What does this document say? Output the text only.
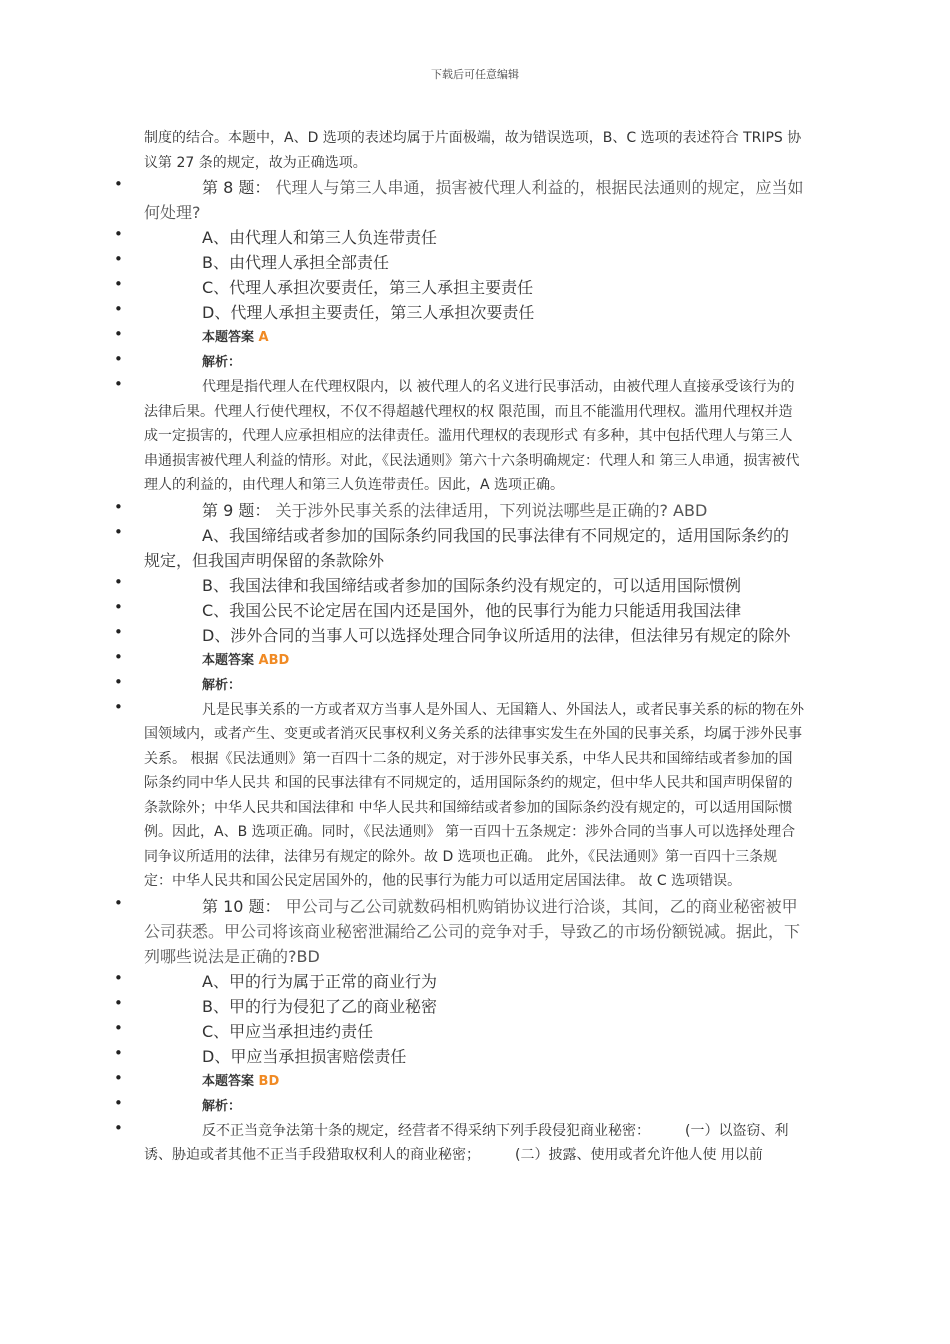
下载后可任意编辑
制度的结合。本题中，A、D 选项的表述均属于片面极端，故为错误选项，B、C 选项的表述符合 TRIPS 协议第 27 条的规定，故为正确选项。
• 第 8 题： 代理人与第三人串通，损害被代理人利益的，根据民法通则的规定，应当如何处理?
• A、由代理人和第三人负连带责任
• B、由代理人承担全部责任
• C、代理人承担次要责任，第三人承担主要责任
• D、代理人承担主要责任，第三人承担次要责任
• 本题答案 A
• 解析：
• 代理是指代理人在代理权限内，以 被代理人的名义进行民事活动，由被代理人直接承受该行为的法律后果。代理人行使代理权，不仅不得超越代理权的权 限范围，而且不能滥用代理权。滥用代理权并造成一定损害的，代理人应承担相应的法律责任。滥用代理权的表现形式 有多种，其中包括代理人与第三人串通损害被代理人利益的情形。对此，《民法通则》第六十六条明确规定：代理人和 第三人串通，损害被代理人的利益的，由代理人和第三人负连带责任。因此，A 选项正确。
• 第 9 题： 关于涉外民事关系的法律适用，下列说法哪些是正确的? ABD
• A、我国缔结或者参加的国际条约同我国的民事法律有不同规定的，适用国际条约的规定，但我国声明保留的条款除外
• B、我国法律和我国缔结或者参加的国际条约没有规定的，可以适用国际惯例
• C、我国公民不论定居在国内还是国外，他的民事行为能力只能适用我国法律
• D、涉外合同的当事人可以选择处理合同争议所适用的法律，但法律另有规定的除外
• 本题答案 ABD
• 解析：
• 凡是民事关系的一方或者双方当事人是外国人、无国籍人、外国法人，或者民事关系的标的物在外国领域内，或者产生、变更或者消灭民事权利义务关系的法律事实发生在外国的民事关系，均属于涉外民事关系。 根据《民法通则》第一百四十二条的规定，对于涉外民事关系，中华人民共和国缔结或者参加的国际条约同中华人民共 和国的民事法律有不同规定的，适用国际条约的规定，但中华人民共和国声明保留的条款除外；中华人民共和国法律和 中华人民共和国缔结或者参加的国际条约没有规定的，可以适用国际惯例。因此，A、B 选项正确。同时，《民法通则》 第一百四十五条规定：涉外合同的当事人可以选择处理合同争议所适用的法律，法律另有规定的除外。故 D 选项也正确。 此外，《民法通则》第一百四十三条规定：中华人民共和国公民定居国外的，他的民事行为能力可以适用定居国法律。 故 C 选项错误。
• 第 10 题： 甲公司与乙公司就数码相机购销协议进行洽谈，其间，乙的商业秘密被甲公司获悉。甲公司将该商业秘密泄漏给乙公司的竞争对手，导致乙的市场份额锐减。据此，下列哪些说法是正确的?BD
• A、甲的行为属于正常的商业行为
• B、甲的行为侵犯了乙的商业秘密
• C、甲应当承担违约责任
• D、甲应当承担损害赔偿责任
• 本题答案 BD
• 解析：
• 反不正当竞争法第十条的规定，经营者不得采纳下列手段侵犯商业秘密：　　　(一）以盗窃、利诱、胁迫或者其他不正当手段猎取权利人的商业秘密；　　　(二）披露、使用或者允许他人使 用以前
